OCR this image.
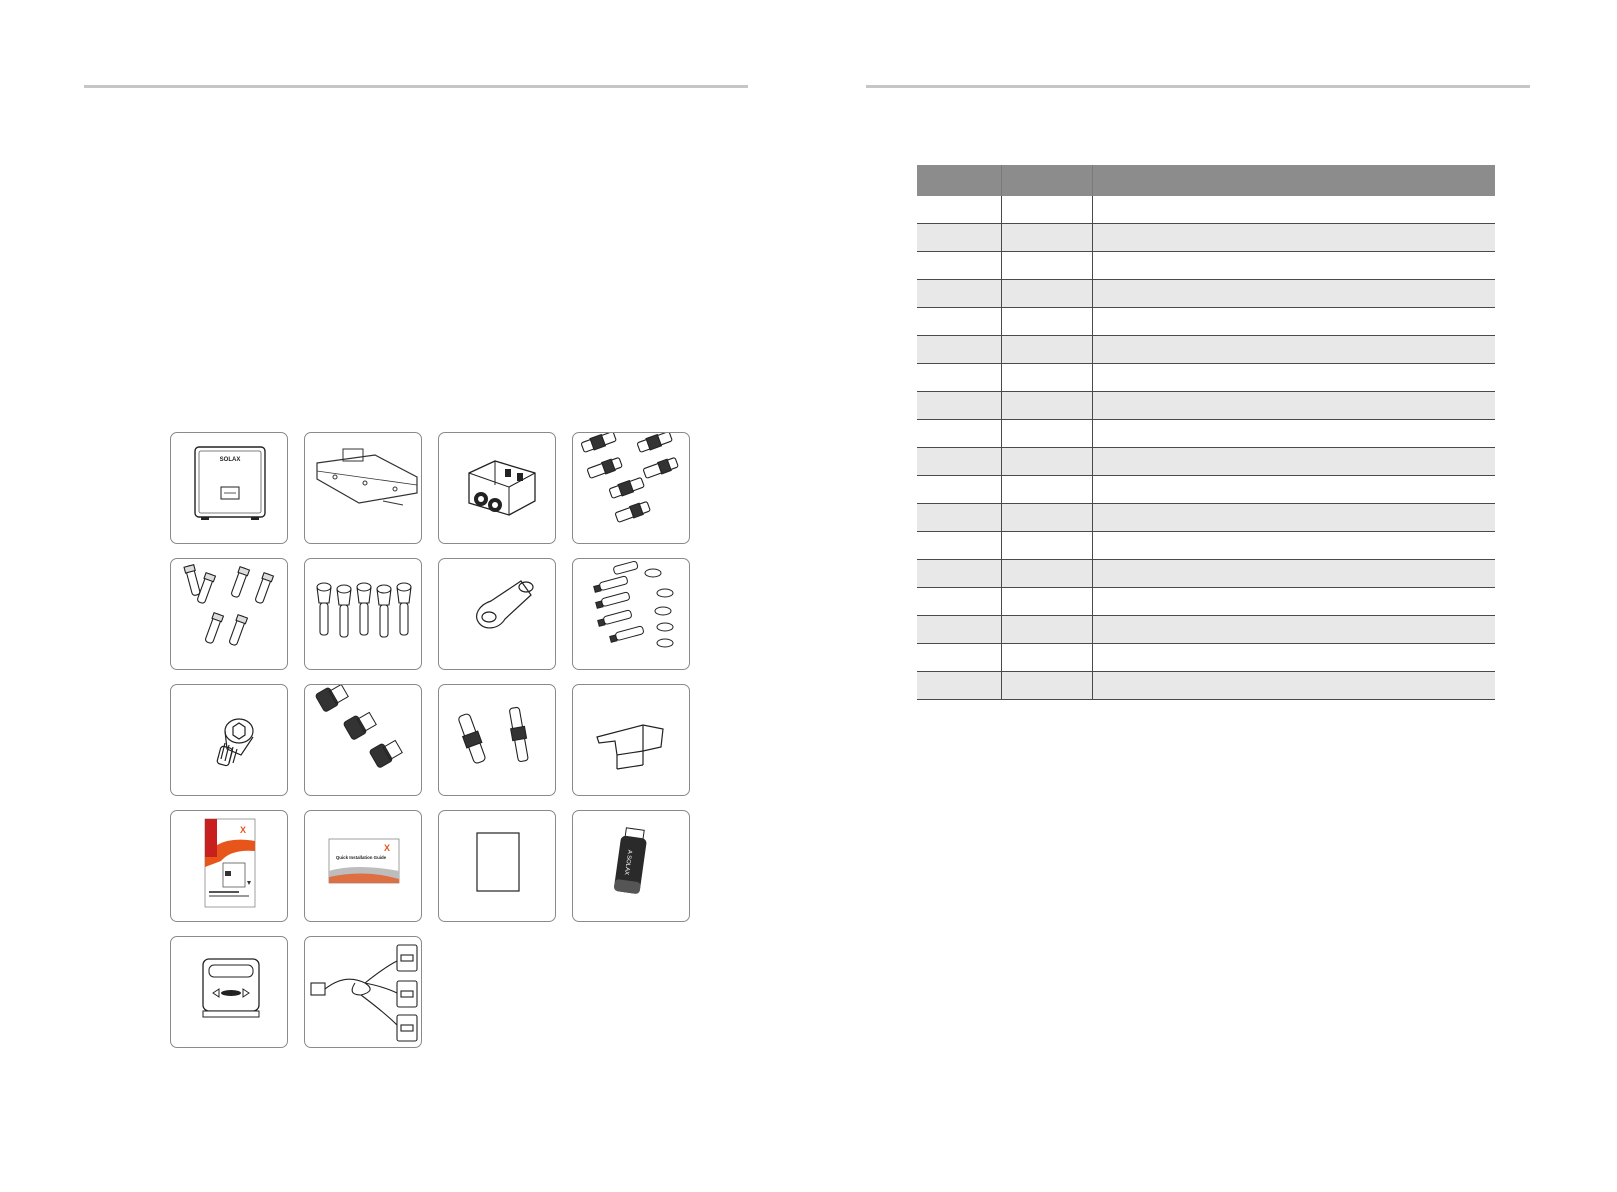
SOLAX
X
X
Quick Installation Guide	A SOLAX
